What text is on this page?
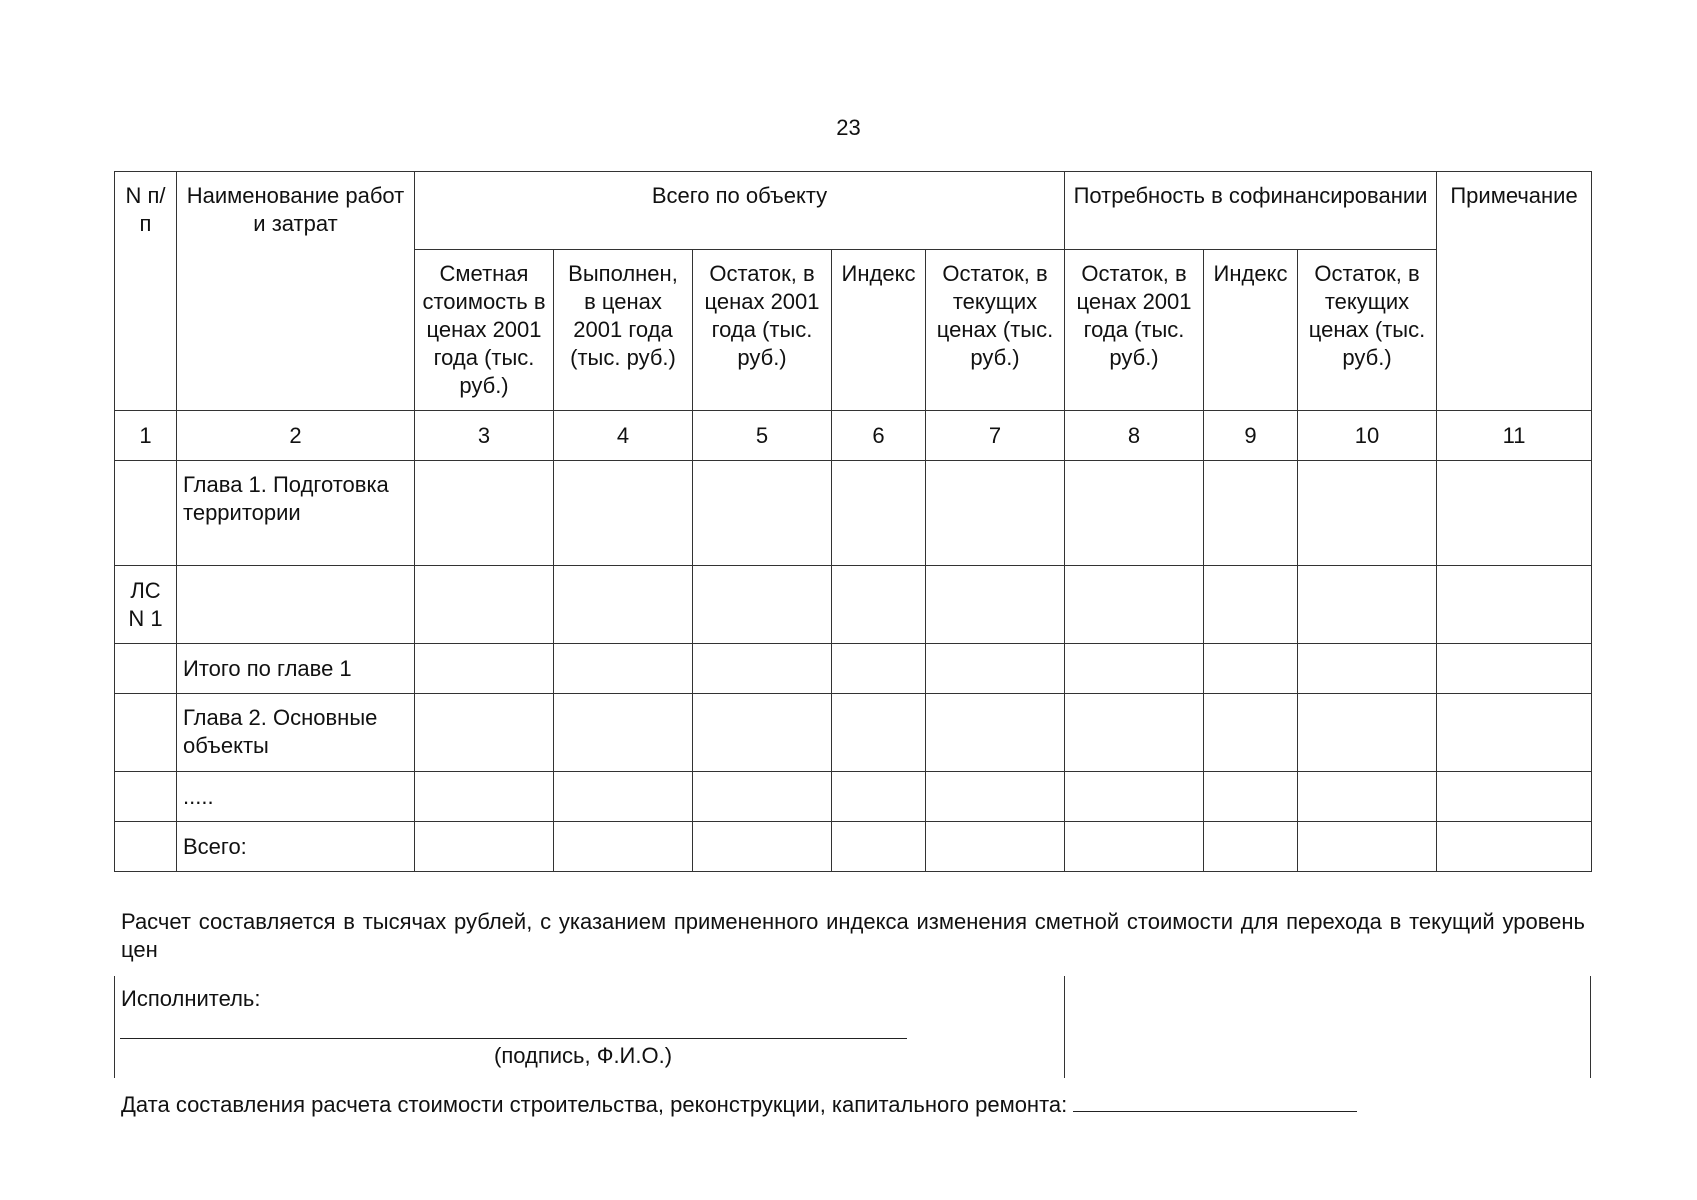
23
N п/п	Наименование работ и затрат	Всего по объекту					Потребность в софинансировании			Примечание
		Сметная стоимость в ценах 2001 года (тыс. руб.)	Выполнен, в ценах 2001 года (тыс. руб.)	Остаток, в ценах 2001 года (тыс. руб.)	Индекс	Остаток, в текущих ценах (тыс. руб.)	Остаток, в ценах 2001 года (тыс. руб.)	Индекс	Остаток, в текущих ценах (тыс. руб.)	
1	2	3	4	5	6	7	8	9	10	11
	Глава 1. Подготовка территории									
ЛС N 1										
	Итого по главе 1									
	Глава 2. Основные объекты									
	.....									
	Всего:									
Расчет составляется в тысячах рублей, с указанием примененного индекса изменения сметной стоимости для перехода в текущий уровень цен
Исполнитель:
(подпись, Ф.И.О.)
Дата составления расчета стоимости строительства, реконструкции, капитального ремонта:
